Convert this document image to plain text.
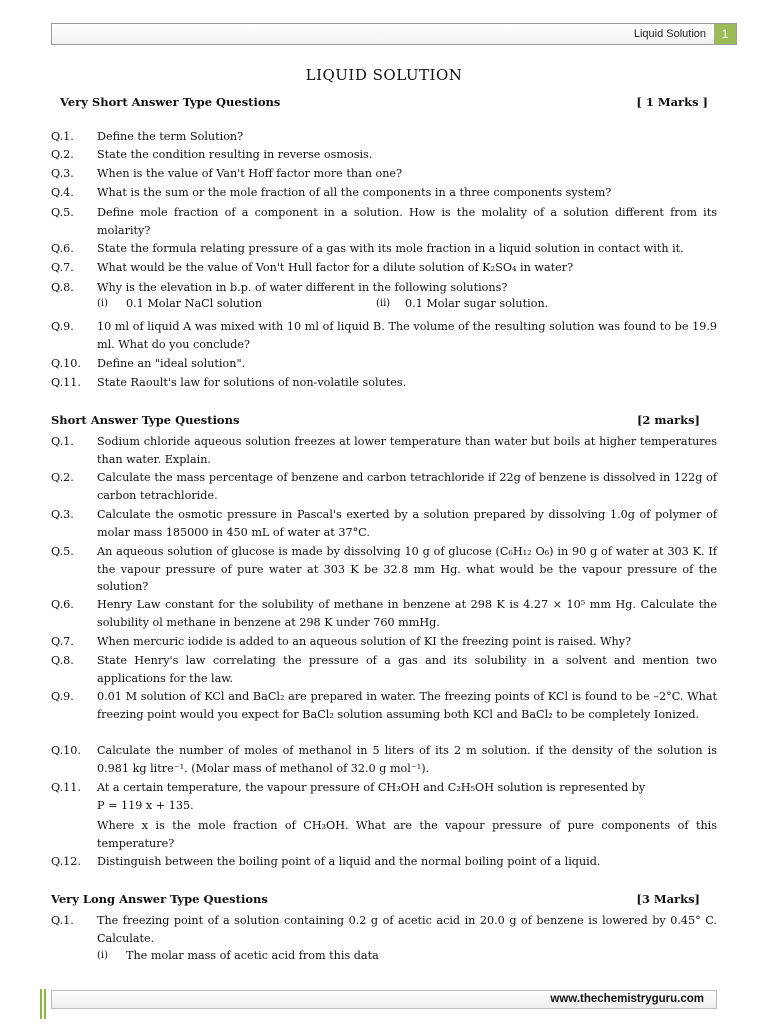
Liquid Solution	1
LIQUID SOLUTION
Very Short Answer Type Questions	[ 1 Marks ]
Q.1. Define the term Solution?
Q.2. State the condition resulting in reverse osmosis.
Q.3. When is the value of Van't Hoff factor more than one?
Q.4. What is the sum or the mole fraction of all the components in a three components system?
Q.5. Define mole fraction of a component in a solution. How is the molality of a solution different from its molarity?
Q.6. State the formula relating pressure of a gas with its mole fraction in a liquid solution in contact with it.
Q.7. What would be the value of Von't Hull factor for a dilute solution of K₂SO₄ in water?
Q.8. Why is the elevation in b.p. of water different in the following solutions?
(i) 0.1 Molar NaCl solution	(ii) 0.1 Molar sugar solution.
Q.9. 10 ml of liquid A was mixed with 10 ml of liquid B. The volume of the resulting solution was found to be 19.9 ml. What do you conclude?
Q.10. Define an "ideal solution".
Q.11. State Raoult's law for solutions of non-volatile solutes.
Short Answer Type Questions	[2 marks]
Q.1. Sodium chloride aqueous solution freezes at lower temperature than water but boils at higher temperatures than water. Explain.
Q.2. Calculate the mass percentage of benzene and carbon tetrachloride if 22g of benzene is dissolved in 122g of carbon tetrachloride.
Q.3. Calculate the osmotic pressure in Pascal's exerted by a solution prepared by dissolving 1.0g of polymer of molar mass 185000 in 450 mL of water at 37°C.
Q.5. An aqueous solution of glucose is made by dissolving 10 g of glucose (C₆H₁₂ O₆) in 90 g of water at 303 K. If the vapour pressure of pure water at 303 K be 32.8 mm Hg. what would be the vapour pressure of the solution?
Q.6. Henry Law constant for the solubility of methane in benzene at 298 K is 4.27 × 10⁵ mm Hg. Calculate the solubility ol methane in benzene at 298 K under 760 mmHg.
Q.7. When mercuric iodide is added to an aqueous solution of KI the freezing point is raised. Why?
Q.8. State Henry's law correlating the pressure of a gas and its solubility in a solvent and mention two applications for the law.
Q.9. 0.01 M solution of KCl and BaCl₂ are prepared in water. The freezing points of KCl is found to be –2°C. What freezing point would you expect for BaCl₂ solution assuming both KCl and BaCl₂ to be completely Ionized.
Q.10. Calculate the number of moles of methanol in 5 liters of its 2 m solution. if the density of the solution is 0.981 kg litre⁻¹. (Molar mass of methanol of 32.0 g mol⁻¹).
Q.11. At a certain temperature, the vapour pressure of CH₃OH and C₂H₅OH solution is represented by
P = 119 x + 135.
Where x is the mole fraction of CH₃OH. What are the vapour pressure of pure components of this temperature?
Q.12. Distinguish between the boiling point of a liquid and the normal boiling point of a liquid.
Very Long Answer Type Questions	[3 Marks]
Q.1. The freezing point of a solution containing 0.2 g of acetic acid in 20.0 g of benzene is lowered by 0.45° C. Calculate.
(i) The molar mass of acetic acid from this data
www.thechemistryguru.com
